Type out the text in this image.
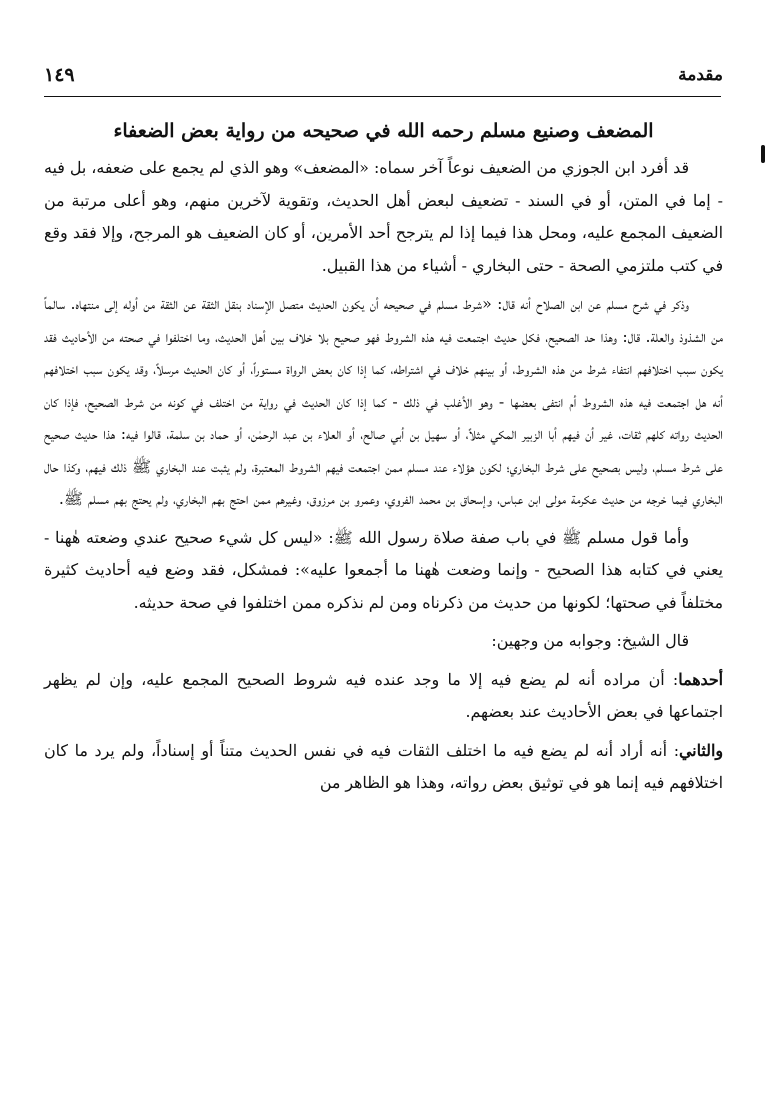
مقدمة
١٤٩
المضعف وصنيع مسلم رحمه الله في صحيحه من رواية بعض الضعفاء

قد أفرد ابن الجوزي من الضعيف نوعاً آخر سماه: «المضعف» وهو الذي لم يجمع على ضعفه، بل فيه - إما في المتن، أو في السند - تضعيف لبعض أهل الحديث، وتقوية لآخرين منهم، وهو أعلى مرتبة من الضعيف المجمع عليه، ومحل هذا فيما إذا لم يترجح أحد الأمرين، أو كان الضعيف هو المرجح، وإلا فقد وقع في كتب ملتزمي الصحة - حتى البخاري - أشياء من هذا القبيل.

وذكر في شرح مسلم عن ابن الصلاح أنه قال: «شرط مسلم في صحيحه أن يكون الحديث متصل الإسناد بنقل الثقة عن الثقة من أوله إلى منتهاه. سالماً من الشذوذ والعلة. قال: وهذا حد الصحيح، فكل حديث اجتمعت فيه هذه الشروط فهو صحيح بلا خلاف بين أهل الحديث، وما اختلفوا في صحته من الأحاديث فقد يكون سبب اختلافهم انتفاء شرط من هذه الشروط، أو بينهم خلاف في اشتراطه، كما إذا كان بعض الرواة مستوراً، أو كان الحديث مرسلاً، وقد يكون سبب اختلافهم أنه هل اجتمعت فيه هذه الشروط أم انتفى بعضها - وهو الأغلب في ذلك - كما إذا كان الحديث في رواية من اختلف في كونه من شرط الصحيح، فإذا كان الحديث رواته كلهم ثقات، غير أن فيهم أبا الزبير المكي مثلاً، أو سهيل بن أبي صالح، أو العلاء بن عبد الرحمٰن، أو حماد بن سلمة، قالوا فيه: هذا حديث صحيح على شرط مسلم، وليس بصحيح على شرط البخاري؛ لكون هؤلاء عند مسلم ممن اجتمعت فيهم الشروط المعتبرة، ولم يثبت عند البخاري ﷺ ذلك فيهم، وكذا حال البخاري فيما خرجه من حديث عكرمة مولى ابن عباس، وإسحاق بن محمد الفروي، وعمرو بن مرزوق، وغيرهم ممن احتج بهم البخاري، ولم يحتج بهم مسلم ﷺ.

وأما قول مسلم ﷺ في باب صفة صلاة رسول الله ﷺ: «ليس كل شيء صحيح عندي وضعته هٰهنا - يعني في كتابه هذا الصحيح - وإنما وضعت هٰهنا ما أجمعوا عليه»: فمشكل، فقد وضع فيه أحاديث كثيرة مختلفاً في صحتها؛ لكونها من حديث من ذكرناه ومن لم نذكره ممن اختلفوا في صحة حديثه.

قال الشيخ: وجوابه من وجهين:

أحدهما: أن مراده أنه لم يضع فيه إلا ما وجد عنده فيه شروط الصحيح المجمع عليه، وإن لم يظهر اجتماعها في بعض الأحاديث عند بعضهم.

والثاني: أنه أراد أنه لم يضع فيه ما اختلف الثقات فيه في نفس الحديث متناً أو إسناداً، ولم يرد ما كان اختلافهم فيه إنما هو في توثيق بعض رواته، وهذا هو الظاهر من
